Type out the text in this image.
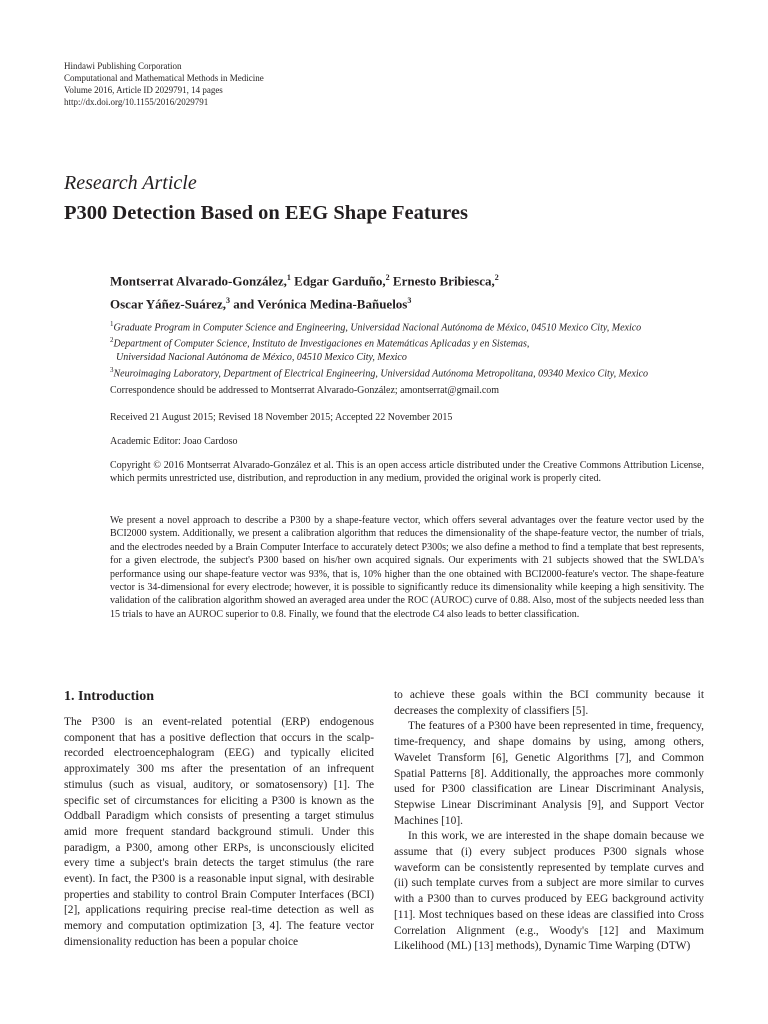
Hindawi Publishing Corporation
Computational and Mathematical Methods in Medicine
Volume 2016, Article ID 2029791, 14 pages
http://dx.doi.org/10.1155/2016/2029791
Research Article
P300 Detection Based on EEG Shape Features
Montserrat Alvarado-González,$^1$ Edgar Garduño,$^2$ Ernesto Bribiesca,$^2$
Oscar Yáñez-Suárez,$^3$ and Verónica Medina-Bañuelos$^3$
$^1$Graduate Program in Computer Science and Engineering, Universidad Nacional Autónoma de México, 04510 Mexico City, Mexico
$^2$Department of Computer Science, Instituto de Investigaciones en Matemáticas Aplicadas y en Sistemas,
Universidad Nacional Autónoma de México, 04510 Mexico City, Mexico
$^3$Neuroimaging Laboratory, Department of Electrical Engineering, Universidad Autónoma Metropolitana, 09340 Mexico City, Mexico
Correspondence should be addressed to Montserrat Alvarado-González; amontserrat@gmail.com
Received 21 August 2015; Revised 18 November 2015; Accepted 22 November 2015
Academic Editor: Joao Cardoso
Copyright © 2016 Montserrat Alvarado-González et al. This is an open access article distributed under the Creative Commons Attribution License, which permits unrestricted use, distribution, and reproduction in any medium, provided the original work is properly cited.
We present a novel approach to describe a P300 by a shape-feature vector, which offers several advantages over the feature vector used by the BCI2000 system. Additionally, we present a calibration algorithm that reduces the dimensionality of the shape-feature vector, the number of trials, and the electrodes needed by a Brain Computer Interface to accurately detect P300s; we also define a method to find a template that best represents, for a given electrode, the subject's P300 based on his/her own acquired signals. Our experiments with 21 subjects showed that the SWLDA's performance using our shape-feature vector was 93%, that is, 10% higher than the one obtained with BCI2000-feature's vector. The shape-feature vector is 34-dimensional for every electrode; however, it is possible to significantly reduce its dimensionality while keeping a high sensitivity. The validation of the calibration algorithm showed an averaged area under the ROC (AUROC) curve of 0.88. Also, most of the subjects needed less than 15 trials to have an AUROC superior to 0.8. Finally, we found that the electrode C4 also leads to better classification.
1. Introduction

The P300 is an event-related potential (ERP) endogenous component that has a positive deflection that occurs in the scalp-recorded electroencephalogram (EEG) and typically elicited approximately 300 ms after the presentation of an infrequent stimulus (such as visual, auditory, or somatosensory) [1]. The specific set of circumstances for eliciting a P300 is known as the Oddball Paradigm which consists of presenting a target stimulus amid more frequent standard background stimuli. Under this paradigm, a P300, among other ERPs, is unconsciously elicited every time a subject's brain detects the target stimulus (the rare event). In fact, the P300 is a reasonable input signal, with desirable properties and stability to control Brain Computer Interfaces (BCI) [2], applications requiring precise real-time detection as well as memory and computation optimization [3, 4]. The feature vector dimensionality reduction has been a popular choice

to achieve these goals within the BCI community because it decreases the complexity of classifiers [5].

The features of a P300 have been represented in time, frequency, time-frequency, and shape domains by using, among others, Wavelet Transform [6], Genetic Algorithms [7], and Common Spatial Patterns [8]. Additionally, the approaches more commonly used for P300 classification are Linear Discriminant Analysis, Stepwise Linear Discriminant Analysis [9], and Support Vector Machines [10].

In this work, we are interested in the shape domain because we assume that (i) every subject produces P300 signals whose waveform can be consistently represented by template curves and (ii) such template curves from a subject are more similar to curves with a P300 than to curves produced by EEG background activity [11]. Most techniques based on these ideas are classified into Cross Correlation Alignment (e.g., Woody's [12] and Maximum Likelihood (ML) [13] methods), Dynamic Time Warping (DTW)
